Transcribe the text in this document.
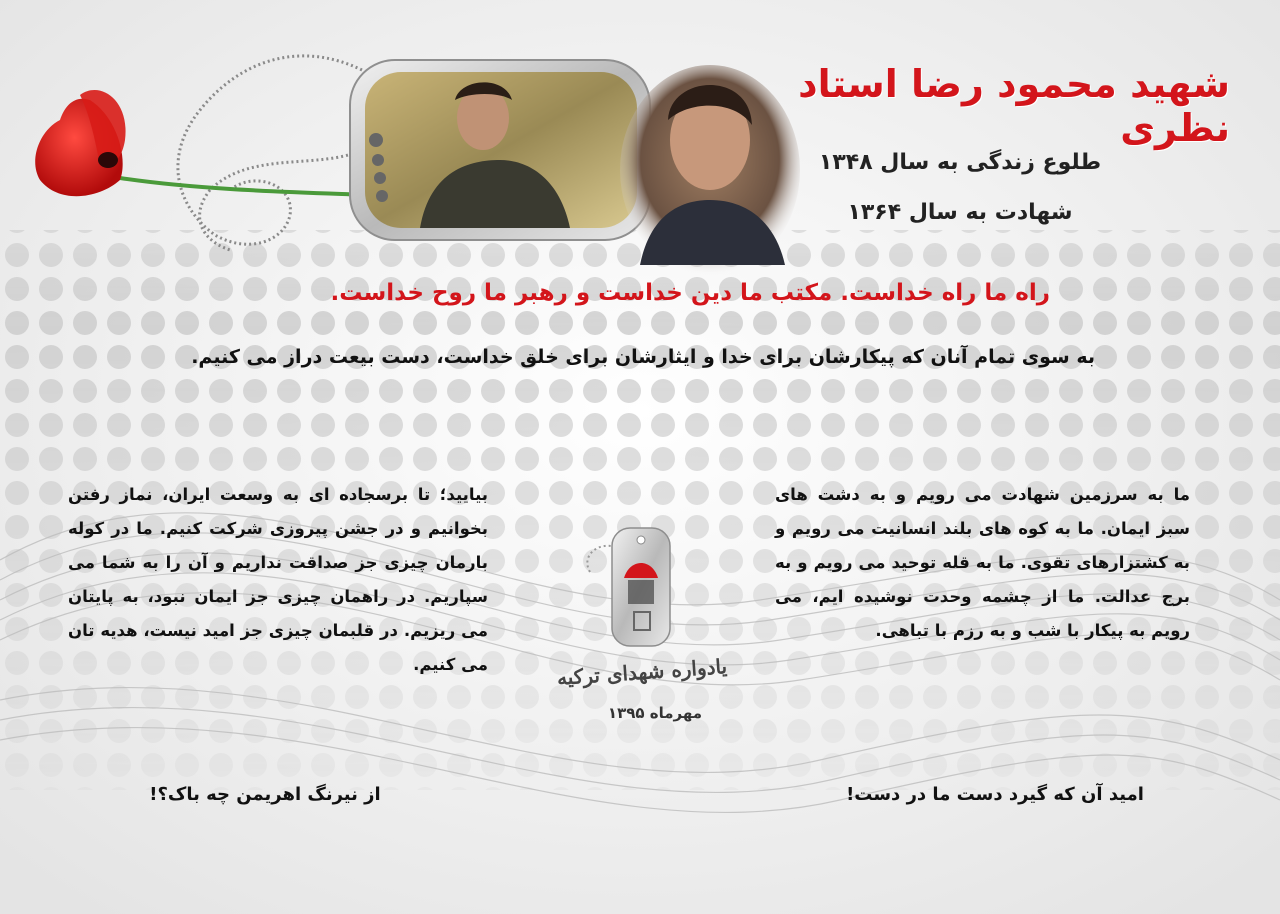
شهید محمود رضا استاد نظری
طلوع زندگی به سال ۱۳۴۸
شهادت به سال ۱۳۶۴
راه ما راه خداست. مکتب ما دین خداست و رهبر ما روح خداست.
به سوی تمام آنان که پیکارشان برای خدا و ایثارشان برای خلق خداست، دست بیعت دراز می کنیم.
ما به سرزمین شهادت می رویم و به دشت های سبز ایمان. ما به کوه های بلند انسانیت می رویم و به کشتزارهای تقوی. ما به قله توحید می رویم و به برج عدالت. ما از چشمه وحدت نوشیده ایم، می رویم به پیکار با شب و به رزم با تباهی.
بیایید؛ تا برسجاده ای به وسعت ایران، نماز رفتن بخوانیم و در جشن پیروزی شرکت کنیم. ما در کوله بارمان چیزی جز صداقت نداریم و آن را به شما می سپاریم. در راهمان چیزی جز ایمان نبود، به پایتان می ریزیم. در قلبمان چیزی جز امید نیست، هدیه تان می کنیم.	یادواره شهدای ترکیه
مهرماه ۱۳۹۵
امید آن که گیرد دست ما در دست!
از نیرنگ اهریمن چه باک؟!
